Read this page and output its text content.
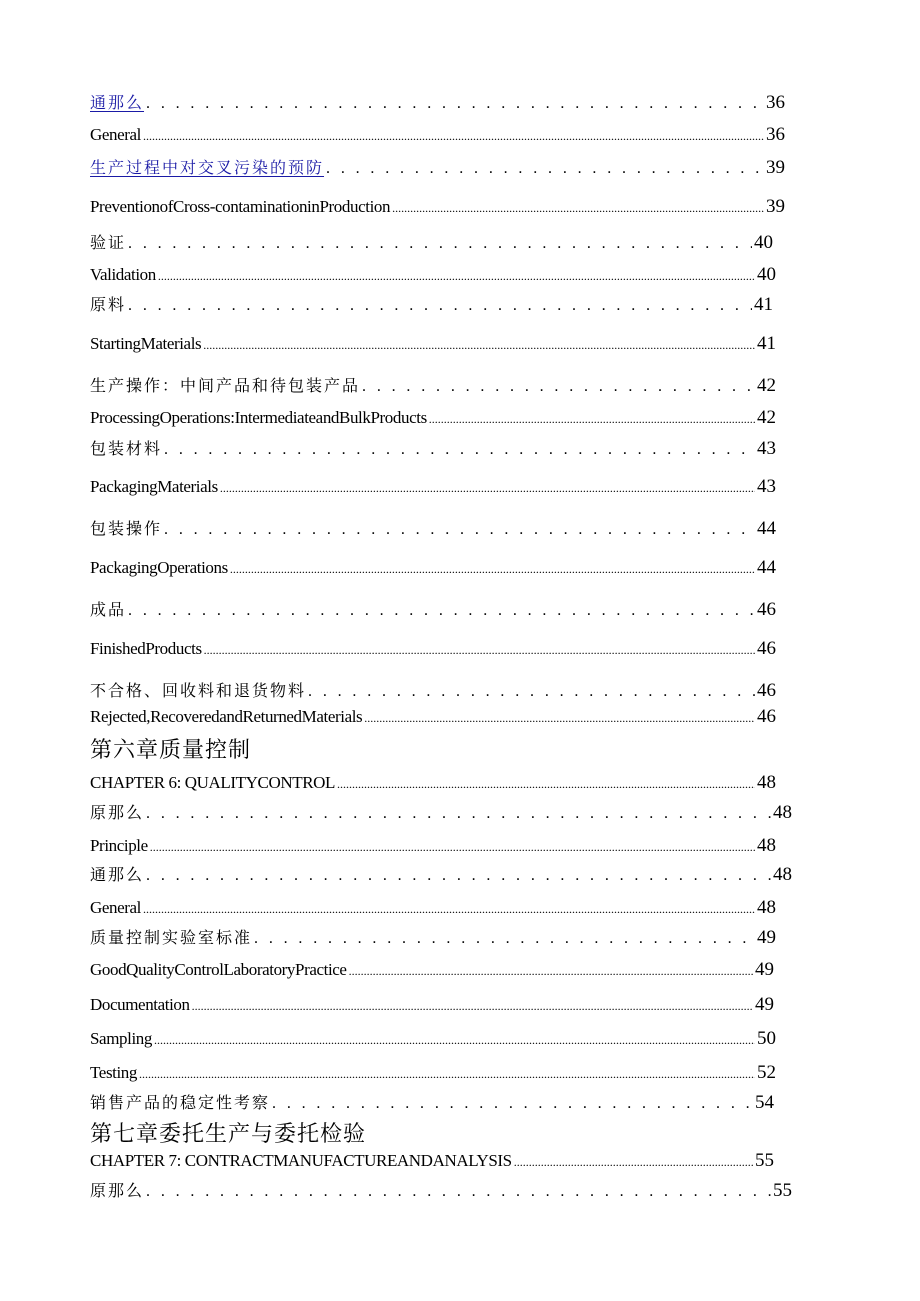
通那么 . . .	36
General .....	36
生产过程中对交叉污染的预防 . . .	39
PreventionofCross-contaminationinProduction .....	39
验证 . . .	40
Validation .....	40
原料 . . .	41
StartingMaterials .....	41
生产操作：中间产品和待包装产品 . . .	42
ProcessingOperations:IntermediateandBulkProducts .....	42
包装材料 . . .	43
PackagingMaterials .....	43
包装操作 . . .	44
PackagingOperations .....	44
成品 . . .	46
FinishedProducts .....	46
不合格、回收料和退货物料 . . .	46
Rejected,RecoveredandReturnedMaterials .....	46
第六章质量控制
CHAPTER 6: QUALITYCONTROL .....	48
原那么 . . .	48
Principle .....	48
通那么 . . .	48
General .....	48
质量控制实验室标准 . . .	49
GoodQualityControlLaboratoryPractice .....	49
Documentation .....	49
Sampling .....	50
Testing .....	52
销售产品的稳定性考察 . . .	54
第七章委托生产与委托检验
CHAPTER 7: CONTRACTMANUFACTUREANDANALYSIS .....	55
原那么 . . .	55
